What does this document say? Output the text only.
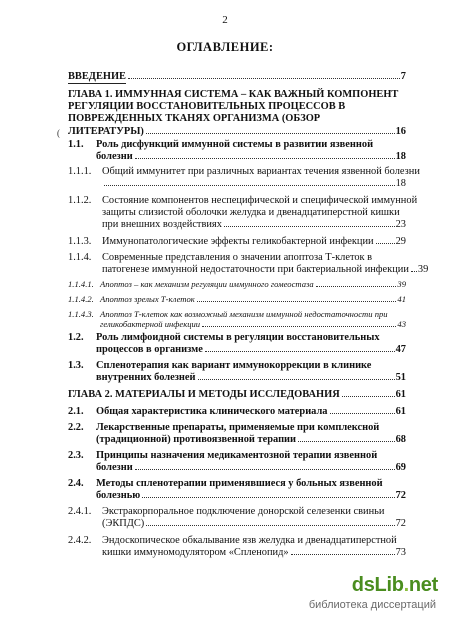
2
ОГЛАВЛЕНИЕ:
(
ВВЕДЕНИЕ	7
ГЛАВА 1. ИММУННАЯ СИСТЕМА – КАК ВАЖНЫЙ КОМПОНЕНТ
РЕГУЛЯЦИИ ВОССТАНОВИТЕЛЬНЫХ ПРОЦЕССОВ В
ПОВРЕЖДЕННЫХ ТКАНЯХ ОРГАНИЗМА (ОБЗОР
ЛИТЕРАТУРЫ)	16
1.1. Роль дисфункций иммунной системы в развитии язвенной
болезни	18
1.1.1. Общий иммунитет при различных вариантах течения язвенной болезни
18
1.1.2. Состояние компонентов неспецифической и специфической иммунной
защиты слизистой оболочки желудка и двенадцатиперстной кишки
при внешних воздействиях	23
1.1.3. Иммунопатологические эффекты геликобактерной инфекции 29
1.1.4. Современные представления о значении апоптоза Т-клеток в
патогенезе иммунной недостаточности при бактериальной инфекции 39
1.1.4.1. Апоптоз – как механизм регуляции иммунного гомеостаза	39
1.1.4.2. Апоптоз зрелых Т-клеток	41
1.1.4.3. Апоптоз Т-клеток как возможный механизм иммунной недостаточности при
геликобактерной инфекции	43
1.2. Роль лимфоидной системы в регуляции восстановительных
процессов в организме	47
1.3. Спленотерапия как вариант иммунокоррекции в клинике
внутренних болезней	51
ГЛАВА 2. МАТЕРИАЛЫ И МЕТОДЫ ИССЛЕДОВАНИЯ	61
2.1. Общая характеристика клинического материала	61
2.2. Лекарственные препараты, применяемые при комплексной
(традиционной) противоязвенной терапии	68
2.3. Принципы назначения медикаментозной терапии язвенной
болезни	69
2.4. Методы спленотерапии применявшиеся у больных язвенной
болезнью	72
2.4.1. Экстракорпоральное подключение донорской селезенки свиньи
(ЭКПДС)	72
2.4.2. Эндоскопическое обкалывание язв желудка и двенадцатиперстной
кишки иммуномодулятором «Спленопид»	73
dsLib.net
библиотека диссертаций
